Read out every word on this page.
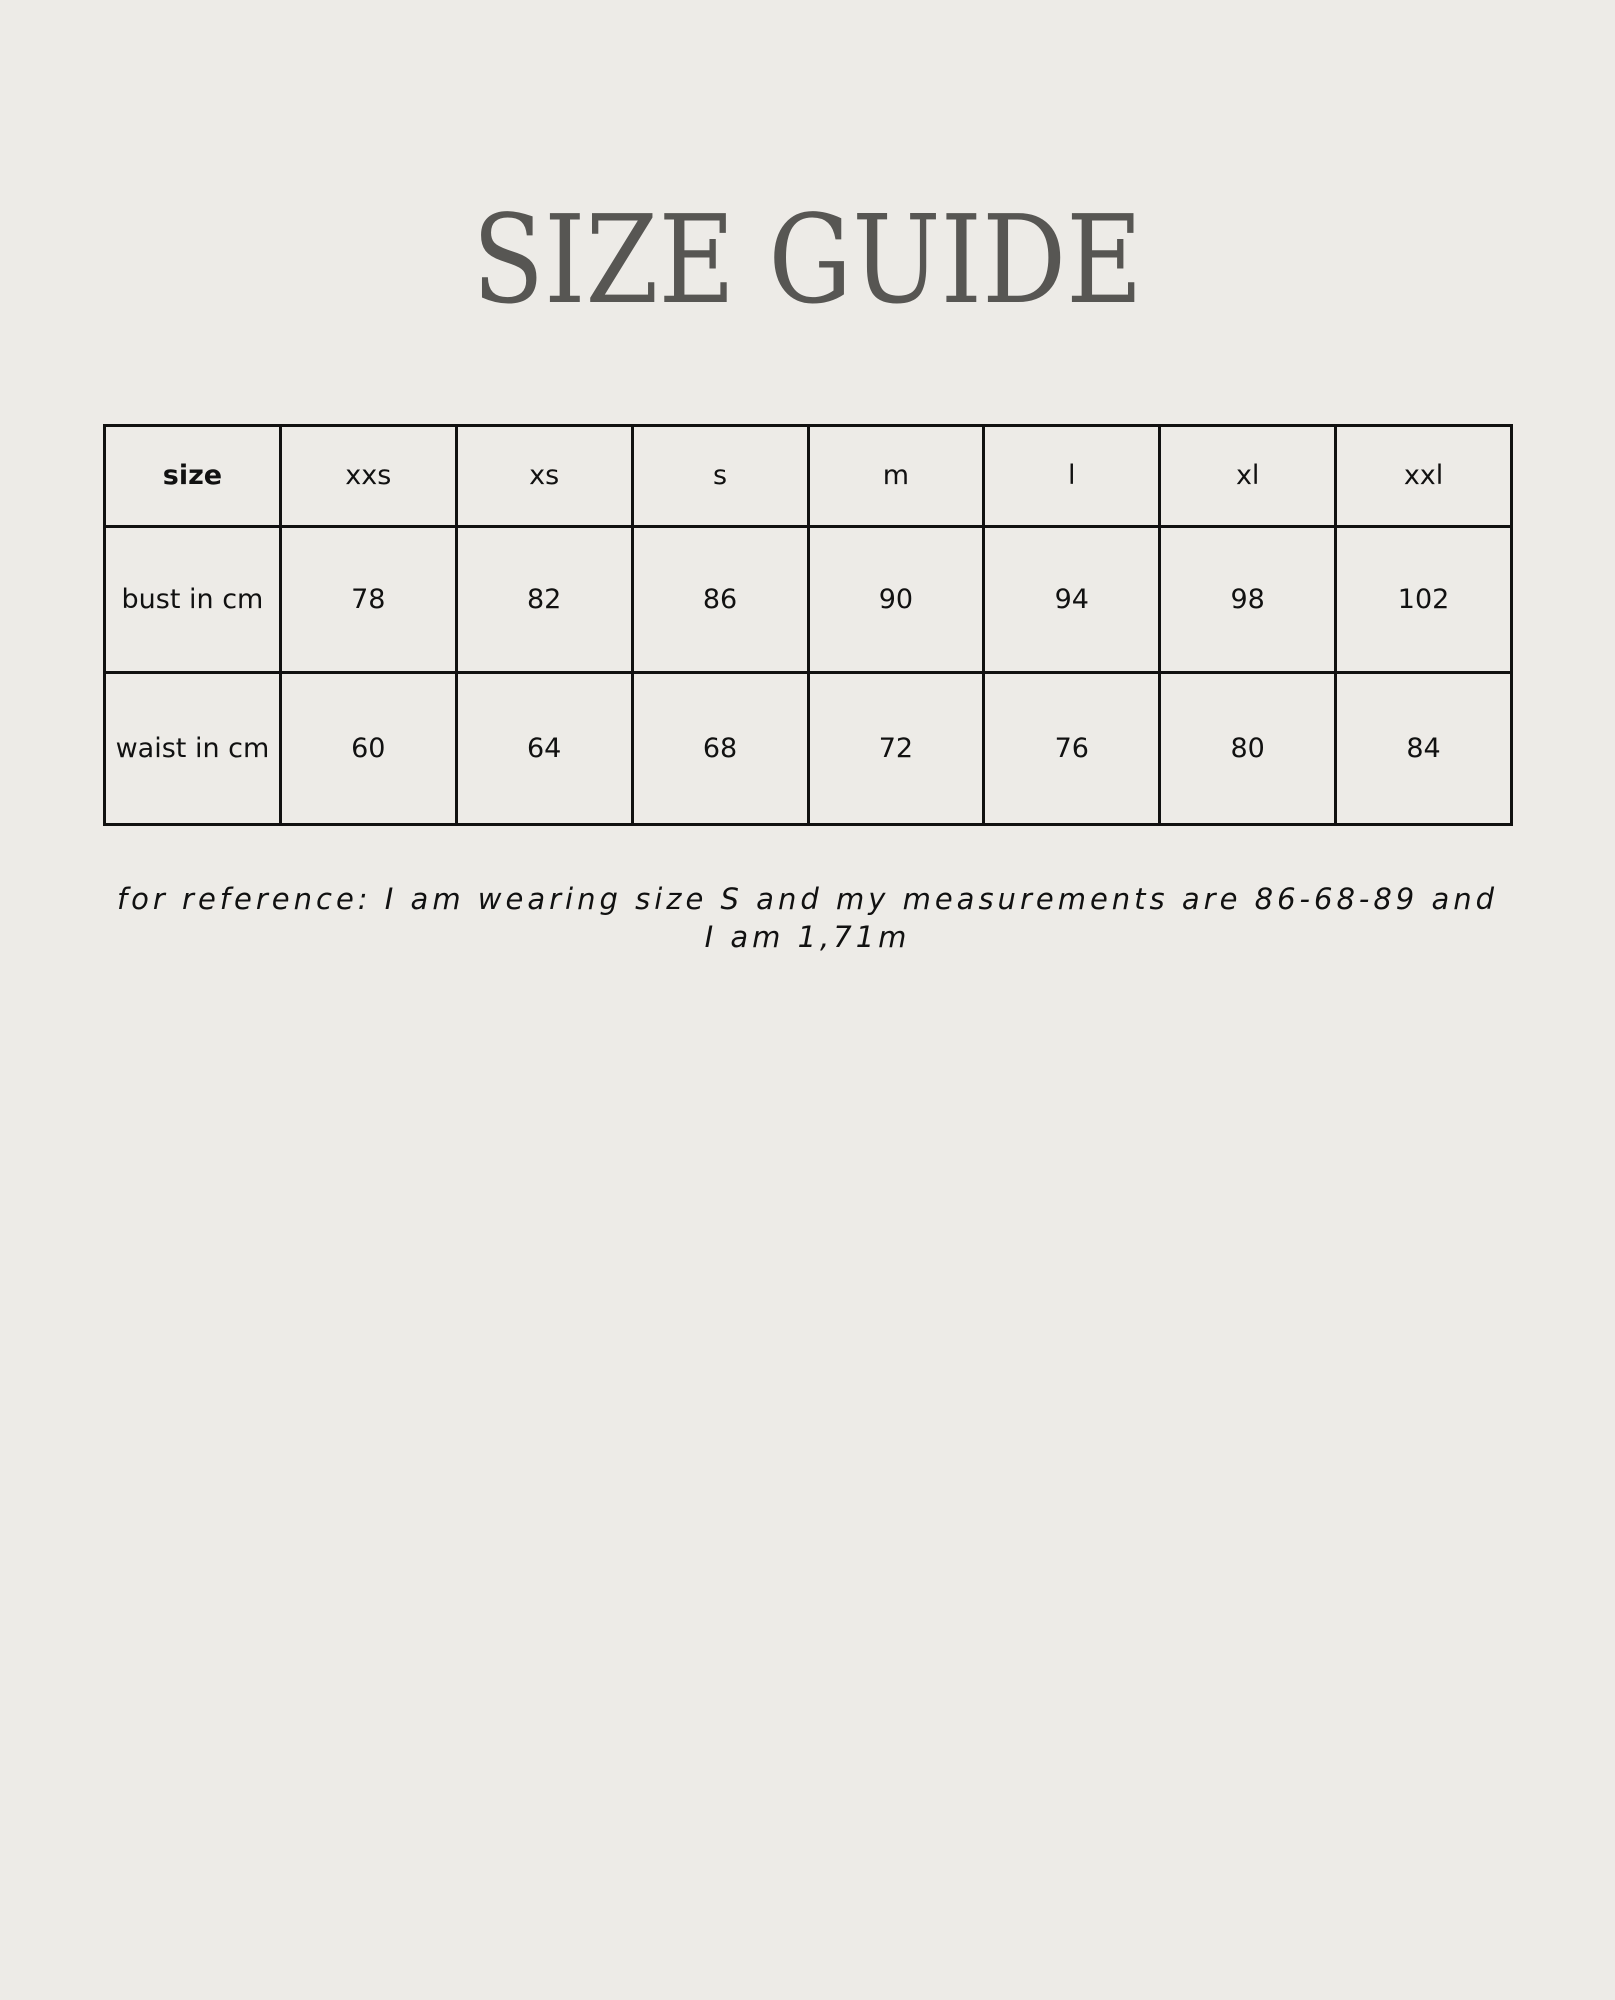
SIZE GUIDE
size	xxs	xs	s	m	l	xl	xxl
bust in cm	78	82	86	90	94	98	102
waist in cm	60	64	68	72	76	80	84
for reference: I am wearing size S and my measurements are 86-68-89 and
I am 1,71m
